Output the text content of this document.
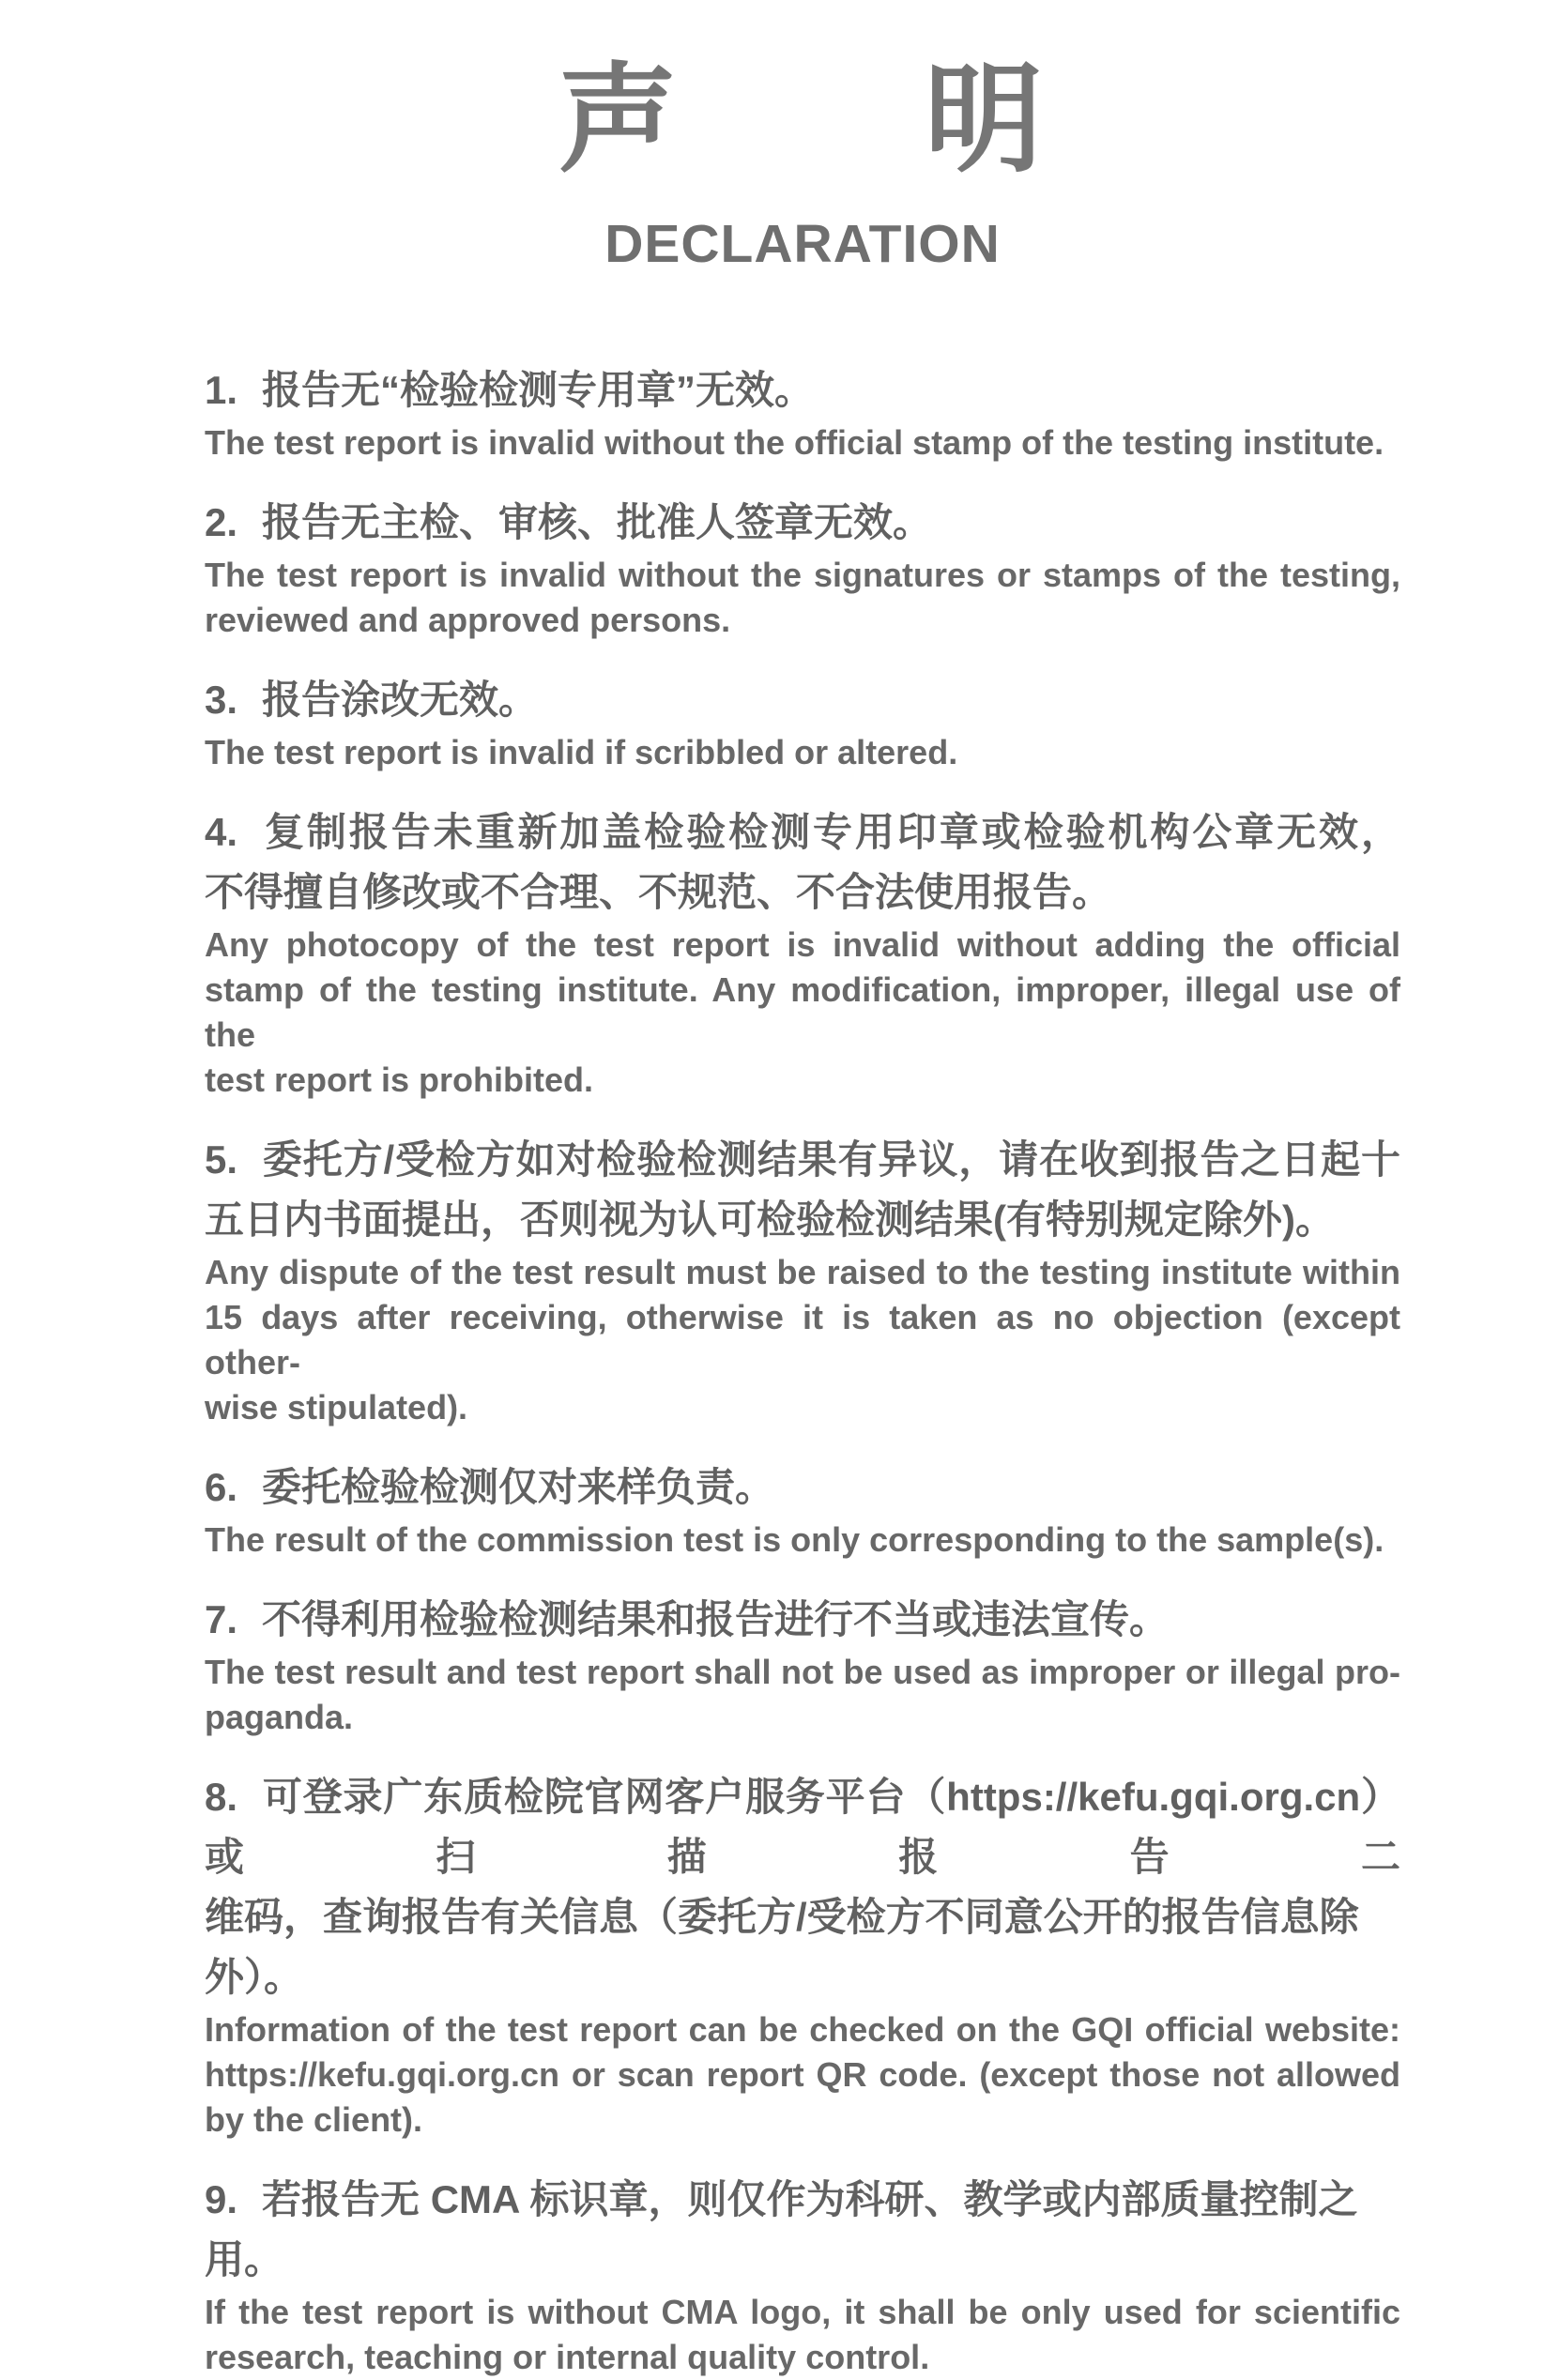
声　　明
DECLARATION
1. 报告无“检验检测专用章”无效。
The test report is invalid without the official stamp of the testing institute.
2. 报告无主检、审核、批准人签章无效。
The test report is invalid without the signatures or stamps of the testing,
reviewed and approved persons.
3. 报告涂改无效。
The test report is invalid if scribbled or altered.
4. 复制报告未重新加盖检验检测专用印章或检验机构公章无效，
不得擅自修改或不合理、不规范、不合法使用报告。
Any photocopy of the test report is invalid without adding the official
stamp of the testing institute. Any modification, improper, illegal use of the
test report is prohibited.
5. 委托方/受检方如对检验检测结果有异议，请在收到报告之日起十
五日内书面提出，否则视为认可检验检测结果(有特别规定除外)。
Any dispute of the test result must be raised to the testing institute within
15 days after receiving, otherwise it is taken as no objection (except other-
wise stipulated).
6. 委托检验检测仅对来样负责。
The result of the commission test is only corresponding to the sample(s).
7. 不得利用检验检测结果和报告进行不当或违法宣传。
The test result and test report shall not be used as improper or illegal pro-
paganda.
8. 可登录广东质检院官网客户服务平台（https://kefu.gqi.org.cn）或扫描报告二
维码，查询报告有关信息（委托方/受检方不同意公开的报告信息除外）。
Information of the test report can be checked on the GQI official website:
https://kefu.gqi.org.cn or scan report QR code. (except those not allowed
by the client).
9. 若报告无 CMA 标识章，则仅作为科研、教学或内部质量控制之用。
If the test report is without CMA logo, it shall be only used for scientific
research, teaching or internal quality control.
